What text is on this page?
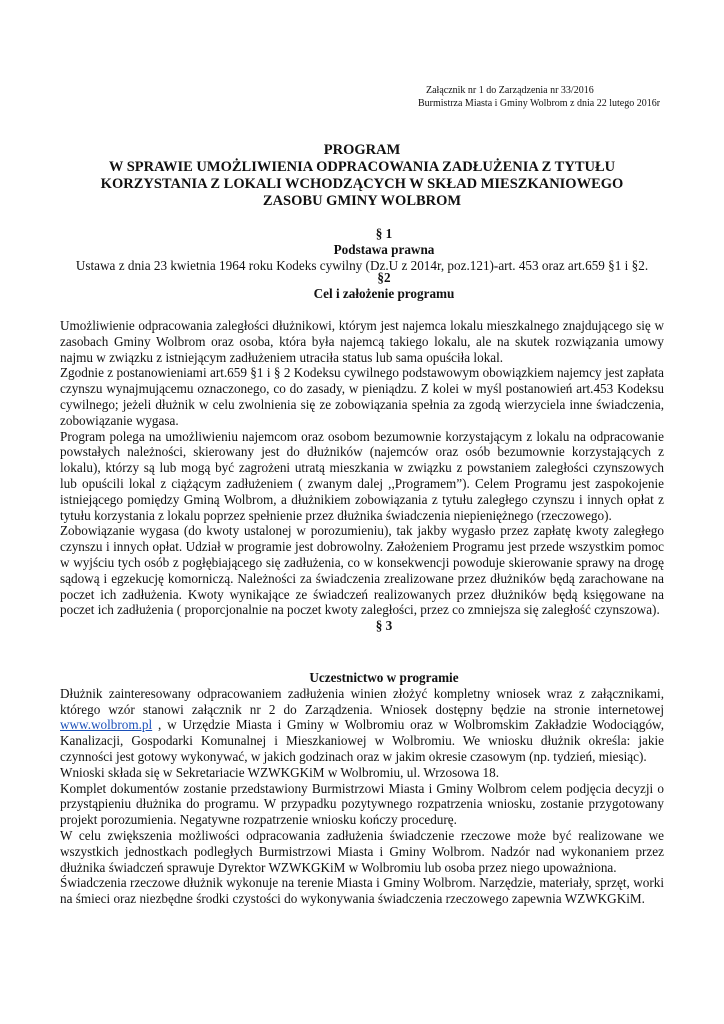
Załącznik nr 1 do Zarządzenia nr 33/2016
Burmistrza Miasta i Gminy Wolbrom z dnia 22 lutego 2016r
PROGRAM
W SPRAWIE UMOŻLIWIENIA ODPRACOWANIA ZADŁUŻENIA Z TYTUŁU
KORZYSTANIA Z LOKALI WCHODZĄCYCH W SKŁAD MIESZKANIOWEGO
ZASOBU GMINY WOLBROM
§ 1
Podstawa prawna
Ustawa z dnia 23 kwietnia 1964 roku Kodeks cywilny (Dz.U z 2014r, poz.121)-art. 453 oraz art.659 §1 i §2.
§2
Cel i założenie programu

Umożliwienie odpracowania zaległości dłużnikowi, którym jest najemca lokalu mieszkalnego znajdującego się w zasobach Gminy Wolbrom oraz osoba, która była najemcą takiego lokalu, ale na skutek rozwiązania umowy najmu w związku z istniejącym zadłużeniem utraciła status lub sama opuściła lokal.

Zgodnie z postanowieniami art.659 §1 i § 2 Kodeksu cywilnego podstawowym obowiązkiem najemcy jest zapłata czynszu wynajmującemu oznaczonego, co do zasady, w pieniądzu. Z kolei w myśl postanowień art.453 Kodeksu cywilnego; jeżeli dłużnik w celu zwolnienia się ze zobowiązania spełnia za zgodą wierzyciela inne świadczenia, zobowiązanie wygasa.

Program polega na umożliwieniu najemcom oraz osobom bezumownie korzystającym z lokalu na odpracowanie powstałych należności, skierowany jest do dłużników (najemców oraz osób bezumownie korzystających z lokalu), którzy są lub mogą być zagrożeni utratą mieszkania w związku z powstaniem zaległości czynszowych lub opuścili lokal z ciążącym zadłużeniem ( zwanym dalej ,,Programem”). Celem Programu jest zaspokojenie istniejącego pomiędzy Gminą Wolbrom, a dłużnikiem zobowiązania z tytułu zaległego czynszu i innych opłat z tytułu korzystania z lokalu poprzez spełnienie przez dłużnika świadczenia niepieniężnego (rzeczowego).

Zobowiązanie wygasa (do kwoty ustalonej w porozumieniu), tak jakby wygasło przez zapłatę kwoty zaległego czynszu i innych opłat. Udział w programie jest dobrowolny. Założeniem Programu jest przede wszystkim pomoc w wyjściu tych osób z pogłębiającego się zadłużenia, co w konsekwencji powoduje skierowanie sprawy na drogę sądową i egzekucję komorniczą. Należności za świadczenia zrealizowane przez dłużników będą zarachowane na poczet ich zadłużenia. Kwoty wynikające ze świadczeń realizowanych przez dłużników będą księgowane na poczet ich zadłużenia ( proporcjonalnie na poczet kwoty zaległości, przez co zmniejsza się zaległość czynszowa).

§ 3
Uczestnictwo w programie

Dłużnik zainteresowany odpracowaniem zadłużenia winien złożyć kompletny wniosek wraz z załącznikami, którego wzór stanowi załącznik nr 2 do Zarządzenia. Wniosek dostępny będzie na stronie internetowej www.wolbrom.pl , w Urzędzie Miasta i Gminy w Wolbromiu oraz w Wolbromskim Zakładzie Wodociągów, Kanalizacji, Gospodarki Komunalnej i Mieszkaniowej w Wolbromiu. We wniosku dłużnik określa: jakie czynności jest gotowy wykonywać, w jakich godzinach oraz w jakim okresie czasowym (np. tydzień, miesiąc).

Wnioski składa się w Sekretariacie WZWKGKiM w Wolbromiu, ul. Wrzosowa 18.

Komplet dokumentów zostanie przedstawiony Burmistrzowi Miasta i Gminy Wolbrom celem podjęcia decyzji o przystąpieniu dłużnika do programu. W przypadku pozytywnego rozpatrzenia wniosku, zostanie przygotowany projekt porozumienia. Negatywne rozpatrzenie wniosku kończy procedurę.

W celu zwiększenia możliwości odpracowania zadłużenia świadczenie rzeczowe może być realizowane we wszystkich jednostkach podległych Burmistrzowi Miasta i Gminy Wolbrom. Nadzór nad wykonaniem przez dłużnika świadczeń sprawuje Dyrektor WZWKGKiM w Wolbromiu lub osoba przez niego upoważniona.

Świadczenia rzeczowe dłużnik wykonuje na terenie Miasta i Gminy Wolbrom. Narzędzie, materiały, sprzęt, worki na śmieci oraz niezbędne środki czystości do wykonywania świadczenia rzeczowego zapewnia WZWKGKiM.
